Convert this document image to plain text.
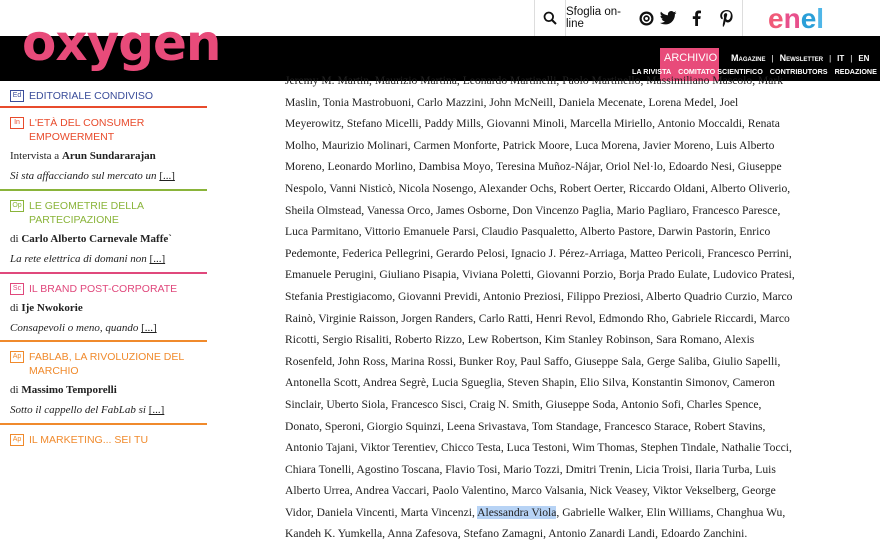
Sfoglia on-line	enel
oxygen	ARCHIVIO Magazine | Newsletter | IT | EN
LA RIVISTA COMITATO SCIENTIFICO CONTRIBUTORS REDAZIONE
Ed EDITORIALE CONDIVISO
In L'ETÀ DEL CONSUMER EMPOWERMENT
Intervista a Arun Sundararajan
Si sta affacciando sul mercato un [...]
Op LE GEOMETRIE DELLA PARTECIPAZIONE
di Carlo Alberto Carnevale Maffe`
La rete elettrica di domani non [...]
Sc IL BRAND POST-CORPORATE
di Ije Nwokorie
Consapevoli o meno, quando [...]
Ap FABLAB, LA RIVOLUZIONE DEL MARCHIO
di Massimo Temporelli
Sotto il cappello del FabLab si [...]
Ap IL MARKETING... SEI TU
Jeremy M. Martin, Maurizio Martina, Leonardo Martinelli, Paolo Martinello, Massimiliano Mascolo, Mark Maslin, Tonia Mastrobuoni, Carlo Mazzini, John McNeill, Daniela Mecenate, Lorena Medel, Joel Meyerowitz, Stefano Micelli, Paddy Mills, Giovanni Minoli, Marcella Miriello, Antonio Moccaldi, Renata Molho, Maurizio Molinari, Carmen Monforte, Patrick Moore, Luca Morena, Javier Moreno, Luis Alberto Moreno, Leonardo Morlino, Dambisa Moyo, Teresina Muñoz-Nájar, Oriol Nel·lo, Edoardo Nesi, Giuseppe Nespolo, Vanni Nisticò, Nicola Nosengo, Alexander Ochs, Robert Oerter, Riccardo Oldani, Alberto Oliverio, Sheila Olmstead, Vanessa Orco, James Osborne, Don Vincenzo Paglia, Mario Pagliaro, Francesco Paresce, Luca Parmitano, Vittorio Emanuele Parsi, Claudio Pasqualetto, Alberto Pastore, Darwin Pastorin, Enrico Pedemonte, Federica Pellegrini, Gerardo Pelosi, Ignacio J. Pérez-Arriaga, Matteo Pericoli, Francesco Perrini, Emanuele Perugini, Giuliano Pisapia, Viviana Poletti, Giovanni Porzio, Borja Prado Eulate, Ludovico Pratesi, Stefania Prestigiacomo, Giovanni Previdi, Antonio Preziosi, Filippo Preziosi, Alberto Quadrio Curzio, Marco Rainò, Virginie Raisson, Jorgen Randers, Carlo Ratti, Henri Revol, Edmondo Rho, Gabriele Riccardi, Marco Ricotti, Sergio Risaliti, Roberto Rizzo, Lew Robertson, Kim Stanley Robinson, Sara Romano, Alexis Rosenfeld, John Ross, Marina Rossi, Bunker Roy, Paul Saffo, Giuseppe Sala, Gerge Saliba, Giulio Sapelli, Antonella Scott, Andrea Segrè, Lucia Sgueglia, Steven Shapin, Elio Silva, Konstantin Simonov, Cameron Sinclair, Uberto Siola, Francesco Sisci, Craig N. Smith, Giuseppe Soda, Antonio Sofi, Charles Spence, Donato, Speroni, Giorgio Squinzi, Leena Srivastava, Tom Standage, Francesco Starace, Robert Stavins, Antonio Tajani, Viktor Terentiev, Chicco Testa, Luca Testoni, Wim Thomas, Stephen Tindale, Nathalie Tocci, Chiara Tonelli, Agostino Toscana, Flavio Tosi, Mario Tozzi, Dmitri Trenin, Licia Troisi, Ilaria Turba, Luis Alberto Urrea, Andrea Vaccari, Paolo Valentino, Marco Valsania, Nick Veasey, Viktor Vekselberg, George Vidor, Daniela Vincenti, Marta Vincenzi, Alessandra Viola, Gabrielle Walker, Elin Williams, Changhua Wu, Kandeh K. Yumkella, Anna Zafesova, Stefano Zamagni, Antonio Zanardi Landi, Edoardo Zanchini.
